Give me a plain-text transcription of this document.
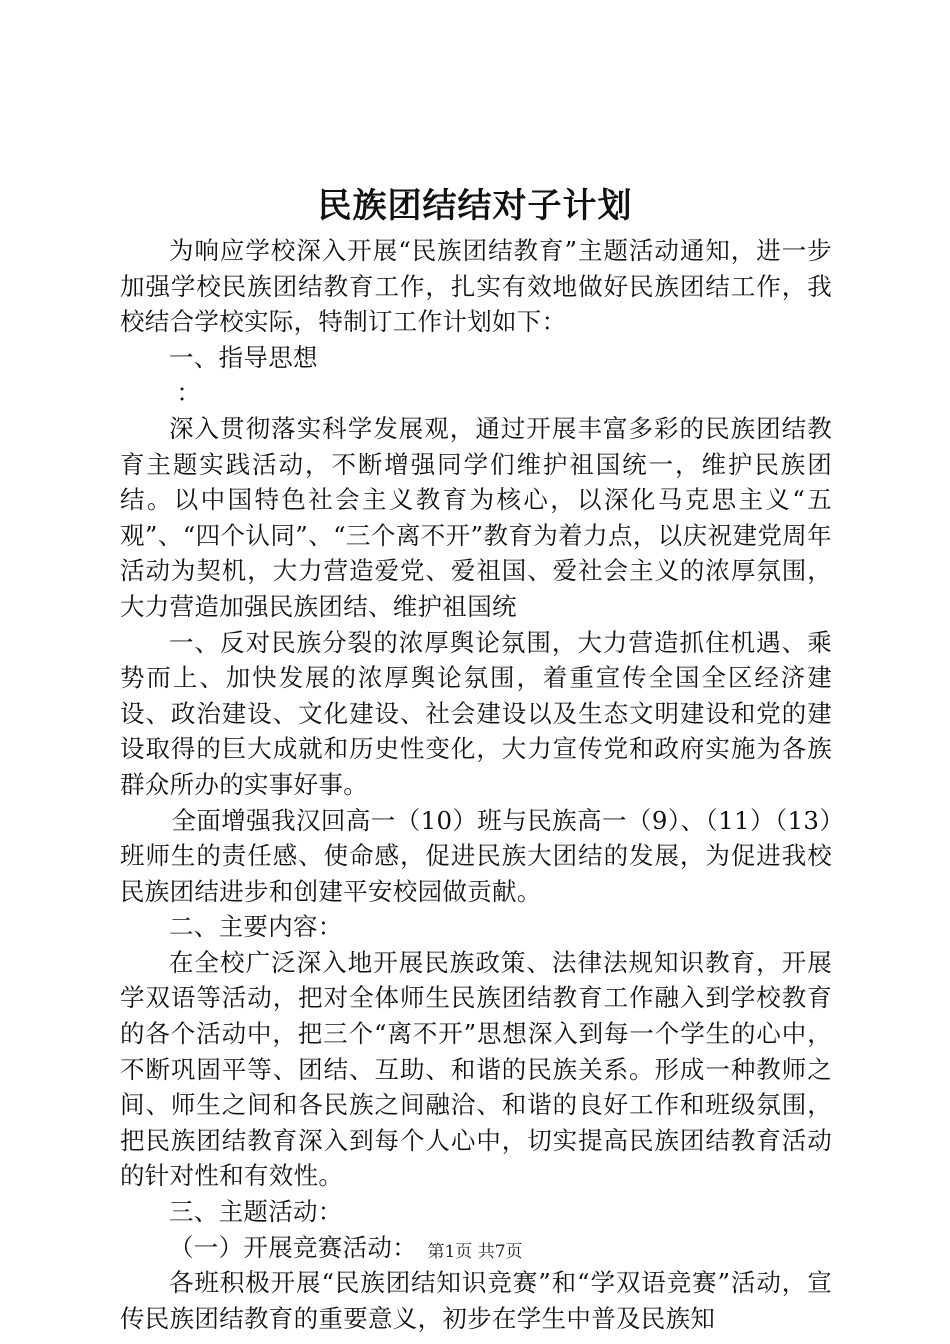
民族团结结对子计划

为响应学校深入开展“民族团结教育”主题活动通知，进一步加强学校民族团结教育工作，扎实有效地做好民族团结工作，我校结合学校实际，特制订工作计划如下：

一、指导思想

：

深入贯彻落实科学发展观，通过开展丰富多彩的民族团结教育主题实践活动，不断增强同学们维护祖国统一，维护民族团结。以中国特色社会主义教育为核心，以深化马克思主义“五观”、“四个认同”、“三个离不开”教育为着力点，以庆祝建党周年活动为契机，大力营造爱党、爱祖国、爱社会主义的浓厚氛围，大力营造加强民族团结、维护祖国统

一、反对民族分裂的浓厚舆论氛围，大力营造抓住机遇、乘势而上、加快发展的浓厚舆论氛围，着重宣传全国全区经济建设、政治建设、文化建设、社会建设以及生态文明建设和党的建设取得的巨大成就和历史性变化，大力宣传党和政府实施为各族群众所办的实事好事。

全面增强我汉回高一（10）班与民族高一（9）、（11）（13）班师生的责任感、使命感，促进民族大团结的发展，为促进我校民族团结进步和创建平安校园做贡献。

二、主要内容：

在全校广泛深入地开展民族政策、法律法规知识教育，开展学双语等活动，把对全体师生民族团结教育工作融入到学校教育的各个活动中，把三个“离不开”思想深入到每一个学生的心中，不断巩固平等、团结、互助、和谐的民族关系。形成一种教师之间、师生之间和各民族之间融洽、和谐的良好工作和班级氛围，把民族团结教育深入到每个人心中，切实提高民族团结教育活动的针对性和有效性。

三、主题活动：

（一）开展竞赛活动：

各班积极开展“民族团结知识竞赛”和“学双语竞赛”活动，宣传民族团结教育的重要意义，初步在学生中普及民族知

第1页 共7页
